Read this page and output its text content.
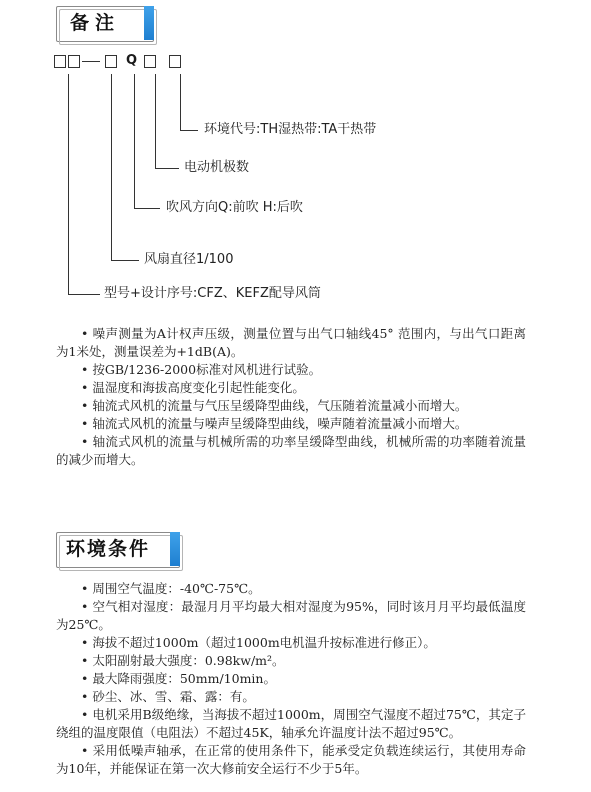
备注
Q
环境代号:TH湿热带:TA干热带
电动机极数
吹风方向Q:前吹 H:后吹
风扇直径1/100
型号+设计序号:CFZ、KEFZ配导风筒

• 噪声测量为A计权声压级，测量位置与出气口轴线45° 范围内，与出气口距离为1米处，测量误差为+1dB(A)。

• 按GB/1236-2000标准对风机进行试验。

• 温湿度和海拔高度变化引起性能变化。

• 轴流式风机的流量与气压呈缓降型曲线，气压随着流量减小而增大。

• 轴流式风机的流量与噪声呈缓降型曲线，噪声随着流量减小而增大。

• 轴流式风机的流量与机械所需的功率呈缓降型曲线，机械所需的功率随着流量的减少而增大。

环境条件

• 周围空气温度：-40℃-75℃。

• 空气相对湿度：最湿月月平均最大相对湿度为95%，同时该月月平均最低温度为25℃。

• 海拔不超过1000m（超过1000m电机温升按标准进行修正）。

• 太阳副射最大强度：0.98kw/m²。

• 最大降雨强度：50mm/10min。

• 砂尘、冰、雪、霜、露：有。

• 电机采用B级绝缘，当海拔不超过1000m，周围空气湿度不超过75℃，其定子绕组的温度限值（电阻法）不超过45K，轴承允许温度计法不超过95℃。

• 采用低噪声轴承，在正常的使用条件下，能承受定负载连续运行，其使用寿命为10年，并能保证在第一次大修前安全运行不少于5年。
